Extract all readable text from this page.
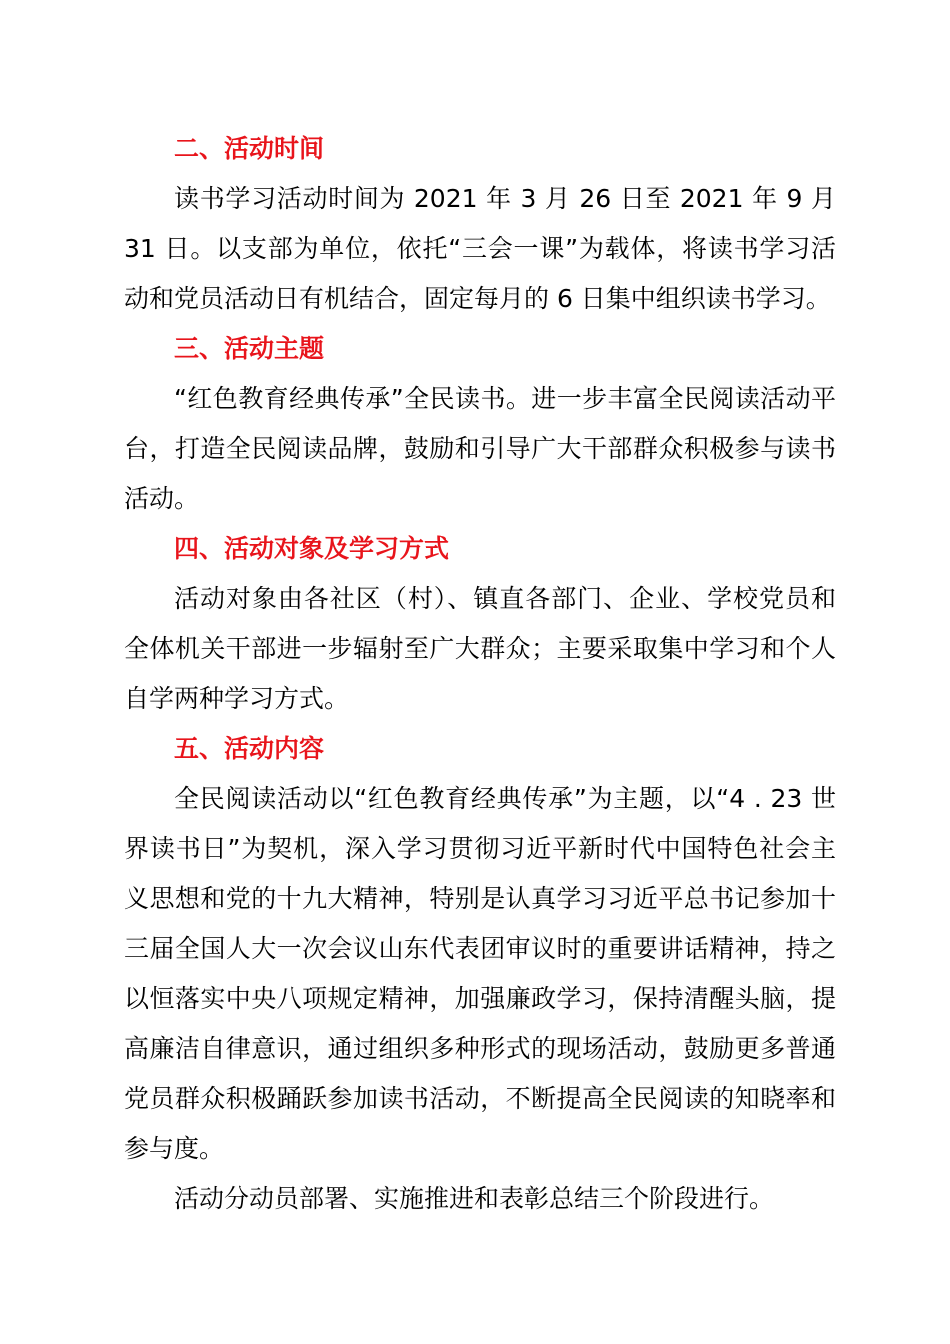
二、活动时间

读书学习活动时间为 2021 年 3 月 26 日至 2021 年 9 月 31 日。以支部为单位，依托“三会一课”为载体，将读书学习活动和党员活动日有机结合，固定每月的 6 日集中组织读书学习。

三、活动主题

“红色教育经典传承”全民读书。进一步丰富全民阅读活动平台，打造全民阅读品牌，鼓励和引导广大干部群众积极参与读书活动。

四、活动对象及学习方式

活动对象由各社区（村）、镇直各部门、企业、学校党员和全体机关干部进一步辐射至广大群众；主要采取集中学习和个人自学两种学习方式。

五、活动内容

全民阅读活动以“红色教育经典传承”为主题，以“4 . 23 世界读书日”为契机，深入学习贯彻习近平新时代中国特色社会主义思想和党的十九大精神，特别是认真学习习近平总书记参加十三届全国人大一次会议山东代表团审议时的重要讲话精神，持之以恒落实中央八项规定精神，加强廉政学习，保持清醒头脑，提高廉洁自律意识，通过组织多种形式的现场活动，鼓励更多普通党员群众积极踊跃参加读书活动，不断提高全民阅读的知晓率和参与度。

活动分动员部署、实施推进和表彰总结三个阶段进行。
